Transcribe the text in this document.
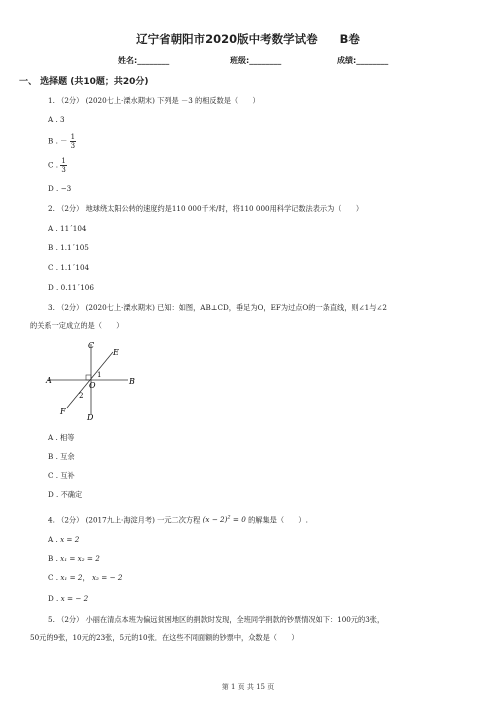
辽宁省朝阳市2020版中考数学试卷 B卷
姓名:________	班级:________	成绩:________
一、 选择题 (共10题；共20分)
1. （2分） (2020七上·溧水期末) 下列是 －3 的相反数是（　　）
A . 3
B . － $\frac{1}{3}$
C . $\frac{1}{3}$
D . −3
2. （2分） 地球绕太阳公转的速度约是110 000千米/时，将110 000用科学记数法表示为（　　）
A . 11´104
B . 1.1´105
C . 1.1´104
D . 0.11´106
3. （2分） (2020七上·溧水期末) 已知：如图，AB⊥CD，垂足为O，EF为过点O的一条直线，则∠1与∠2
的关系一定成立的是（　　）
C
E
A	B
O
1
2
F
D
A . 相等
B . 互余
C . 互补
D . 不确定
4. （2分） (2017九上·海淀月考) 一元二次方程 $(x - 2)^2 = 0$ 的解集是（　　）.
A . x = 2
B . x₁ = x₂ = 2
C . x₁ = 2， x₂ = − 2
D . x = − 2
5. （2分） 小丽在清点本班为偏远贫困地区的捐款时发现，全班同学捐款的钞票情况如下：100元的3张，
50元的9张，10元的23张，5元的10张．在这些不同面额的钞票中，众数是（　　）
第 1 页 共 15 页
